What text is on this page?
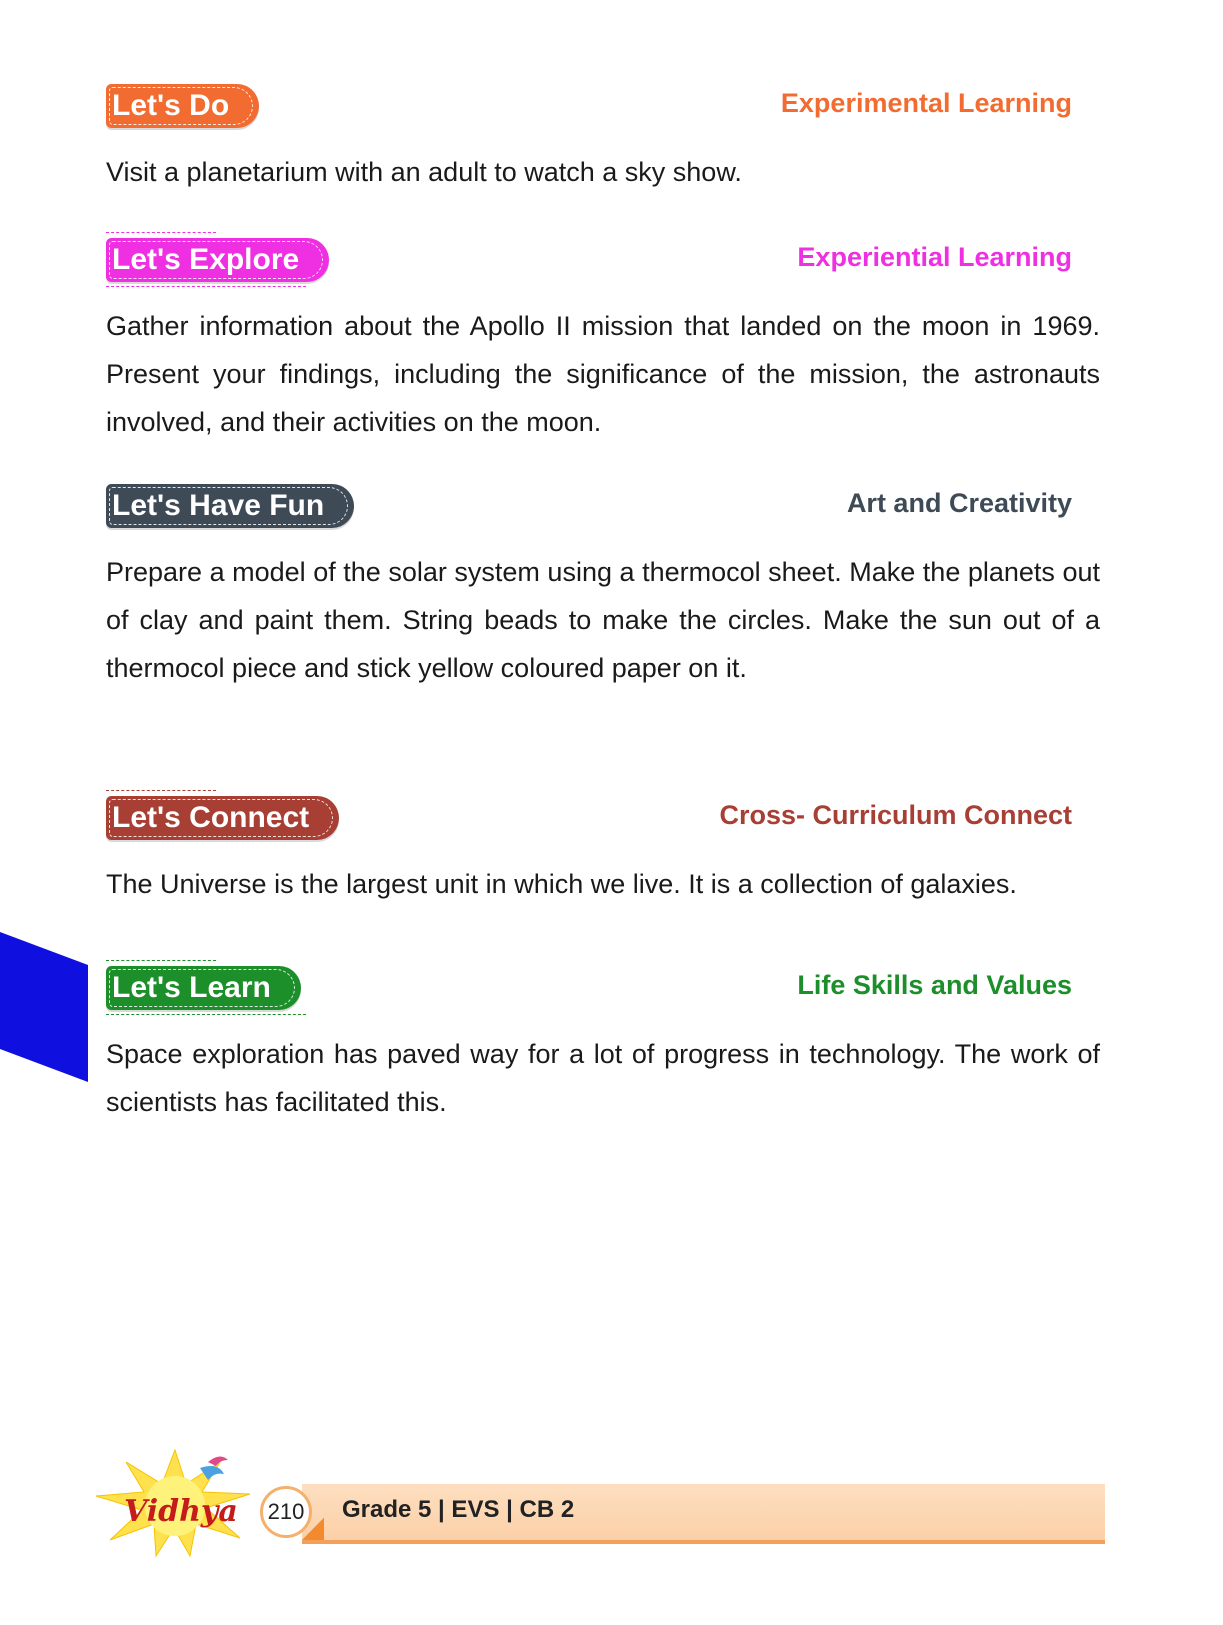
Let's Do	Experimental Learning
Visit a planetarium with an adult to watch a sky show.
Let's Explore	Experiential Learning
Gather information about the Apollo II mission that landed on the moon in 1969. Present your findings, including the significance of the mission, the astronauts involved, and their activities on the moon.
Let's Have Fun	Art and Creativity
Prepare a model of the solar system using a thermocol sheet. Make the planets out of clay and paint them. String beads to make the circles. Make the sun out of a thermocol piece and stick yellow coloured paper on it.
Let's Connect	Cross- Curriculum Connect
The Universe is the largest unit in which we live. It is a collection of galaxies.
Let's Learn	Life Skills and Values
Space exploration has paved way for a lot of progress in technology. The work of scientists has facilitated this.
Vidhya	210	Grade 5 | EVS | CB 2
